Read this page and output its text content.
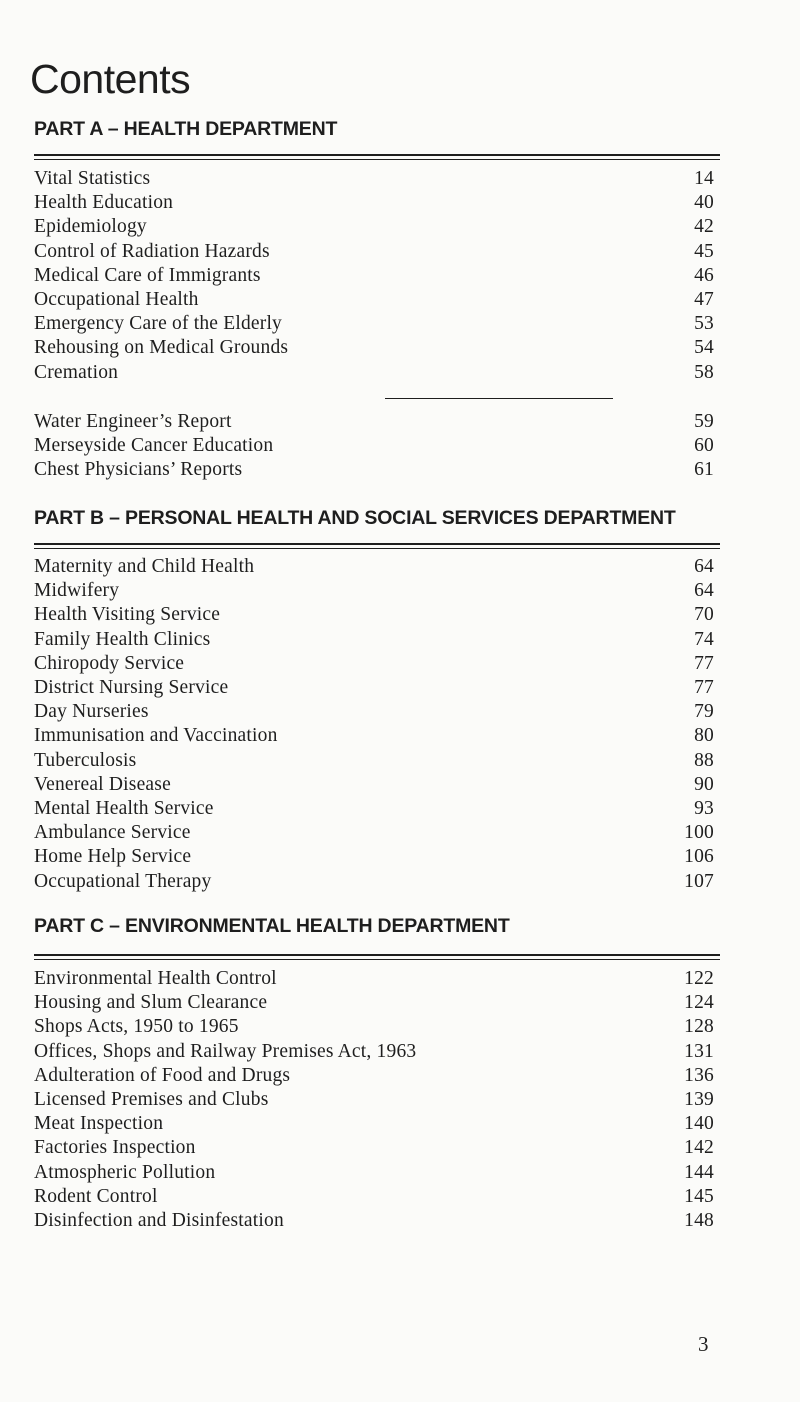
Contents
PART A – HEALTH DEPARTMENT
Vital Statistics	14
Health Education	40
Epidemiology	42
Control of Radiation Hazards	45
Medical Care of Immigrants	46
Occupational Health	47
Emergency Care of the Elderly	53
Rehousing on Medical Grounds	54
Cremation	58
Water Engineer’s Report	59
Merseyside Cancer Education	60
Chest Physicians’ Reports	61
PART B – PERSONAL HEALTH AND SOCIAL SERVICES DEPARTMENT
Maternity and Child Health	64
Midwifery	64
Health Visiting Service	70
Family Health Clinics	74
Chiropody Service	77
District Nursing Service	77
Day Nurseries	79
Immunisation and Vaccination	80
Tuberculosis	88
Venereal Disease	90
Mental Health Service	93
Ambulance Service	100
Home Help Service	106
Occupational Therapy	107
PART C – ENVIRONMENTAL HEALTH DEPARTMENT
Environmental Health Control	122
Housing and Slum Clearance	124
Shops Acts, 1950 to 1965	128
Offices, Shops and Railway Premises Act, 1963	131
Adulteration of Food and Drugs	136
Licensed Premises and Clubs	139
Meat Inspection	140
Factories Inspection	142
Atmospheric Pollution	144
Rodent Control	145
Disinfection and Disinfestation	148
3
